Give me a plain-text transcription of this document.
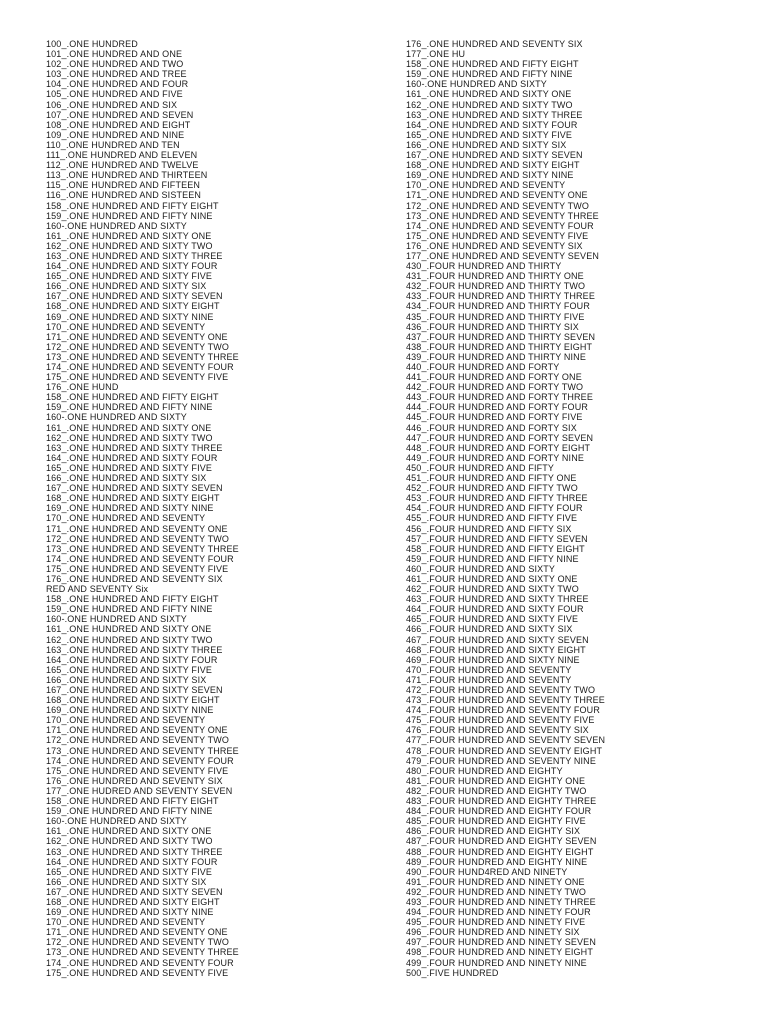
100_.ONE HUNDRED
101_.ONE HUNDRED AND ONE
102_.ONE HUNDRED AND TWO
103_.ONE HUNDRED AND TREE
104_.ONE HUNDRED AND FOUR
105_.ONE HUNDRED AND FIVE
106_.ONE HUNDRED AND SIX
107_.ONE HUNDRED AND SEVEN
108_.ONE HUNDRED AND EIGHT
109_.ONE HUNDRED AND NINE
110_.ONE HUNDRED AND TEN
111_.ONE HUNDRED AND ELEVEN
112_.ONE HUNDRED AND TWELVE
113_.ONE HUNDRED AND THIRTEEN
115_.ONE HUNDRED AND FIFTEEN
116_.ONE HUNDRED AND SISTEEN
158_.ONE HUNDRED AND FIFTY EIGHT
159_.ONE HUNDRED AND FIFTY NINE
160-.ONE HUNDRED AND SIXTY
161_.ONE HUNDRED AND SIXTY ONE
162_.ONE HUNDRED AND SIXTY TWO
163_.ONE HUNDRED AND SIXTY THREE
164_.ONE HUNDRED AND SIXTY FOUR
165_.ONE HUNDRED AND SIXTY FIVE
166_.ONE HUNDRED AND SIXTY SIX
167_.ONE HUNDRED AND SIXTY SEVEN
168_.ONE HUNDRED AND SIXTY EIGHT
169_.ONE HUNDRED AND SIXTY NINE
170_.ONE HUNDRED AND SEVENTY
171_.ONE HUNDRED AND SEVENTY ONE
172_.ONE HUNDRED AND SEVENTY TWO
173_.ONE HUNDRED AND SEVENTY THREE
174_.ONE HUNDRED AND SEVENTY FOUR
175_.ONE HUNDRED AND SEVENTY FIVE
176_.ONE HUND
158_.ONE HUNDRED AND FIFTY EIGHT
159_.ONE HUNDRED AND FIFTY NINE
160-.ONE HUNDRED AND SIXTY
161_.ONE HUNDRED AND SIXTY ONE
162_.ONE HUNDRED AND SIXTY TWO
163_.ONE HUNDRED AND SIXTY THREE
164_.ONE HUNDRED AND SIXTY FOUR
165_.ONE HUNDRED AND SIXTY FIVE
166_.ONE HUNDRED AND SIXTY SIX
167_.ONE HUNDRED AND SIXTY SEVEN
168_.ONE HUNDRED AND SIXTY EIGHT
169_.ONE HUNDRED AND SIXTY NINE
170_.ONE HUNDRED AND SEVENTY
171_.ONE HUNDRED AND SEVENTY ONE
172_.ONE HUNDRED AND SEVENTY TWO
173_.ONE HUNDRED AND SEVENTY THREE
174_.ONE HUNDRED AND SEVENTY FOUR
175_.ONE HUNDRED AND SEVENTY FIVE
176_.ONE HUNDRED AND SEVENTY SIX
RED AND SEVENTY Six
158_.ONE HUNDRED AND FIFTY EIGHT
159_.ONE HUNDRED AND FIFTY NINE
160-.ONE HUNDRED AND SIXTY
161_.ONE HUNDRED AND SIXTY ONE
162_.ONE HUNDRED AND SIXTY TWO
163_.ONE HUNDRED AND SIXTY THREE
164_.ONE HUNDRED AND SIXTY FOUR
165_.ONE HUNDRED AND SIXTY FIVE
166_.ONE HUNDRED AND SIXTY SIX
167_.ONE HUNDRED AND SIXTY SEVEN
168_.ONE HUNDRED AND SIXTY EIGHT
169_.ONE HUNDRED AND SIXTY NINE
170_.ONE HUNDRED AND SEVENTY
171_.ONE HUNDRED AND SEVENTY ONE
172_.ONE HUNDRED AND SEVENTY TWO
173_.ONE HUNDRED AND SEVENTY THREE
174_.ONE HUNDRED AND SEVENTY FOUR
175_.ONE HUNDRED AND SEVENTY FIVE
176_.ONE HUNDRED AND SEVENTY SIX
177_.ONE HUDRED AND SEVENTY SEVEN
158_.ONE HUNDRED AND FIFTY EIGHT
159_.ONE HUNDRED AND FIFTY NINE
160-.ONE HUNDRED AND SIXTY
161_.ONE HUNDRED AND SIXTY ONE
162_.ONE HUNDRED AND SIXTY TWO
163_.ONE HUNDRED AND SIXTY THREE
164_.ONE HUNDRED AND SIXTY FOUR
165_.ONE HUNDRED AND SIXTY FIVE
166_.ONE HUNDRED AND SIXTY SIX
167_.ONE HUNDRED AND SIXTY SEVEN
168_.ONE HUNDRED AND SIXTY EIGHT
169_.ONE HUNDRED AND SIXTY NINE
170_.ONE HUNDRED AND SEVENTY
171_.ONE HUNDRED AND SEVENTY ONE
172_.ONE HUNDRED AND SEVENTY TWO
173_.ONE HUNDRED AND SEVENTY THREE
174_.ONE HUNDRED AND SEVENTY FOUR
175_.ONE HUNDRED AND SEVENTY FIVE
176_.ONE HUNDRED AND SEVENTY SIX
177_.ONE HU
158_.ONE HUNDRED AND FIFTY EIGHT
159_.ONE HUNDRED AND FIFTY NINE
160-.ONE HUNDRED AND SIXTY
161_.ONE HUNDRED AND SIXTY ONE
162_.ONE HUNDRED AND SIXTY TWO
163_.ONE HUNDRED AND SIXTY THREE
164_.ONE HUNDRED AND SIXTY FOUR
165_.ONE HUNDRED AND SIXTY FIVE
166_.ONE HUNDRED AND SIXTY SIX
167_.ONE HUNDRED AND SIXTY SEVEN
168_.ONE HUNDRED AND SIXTY EIGHT
169_.ONE HUNDRED AND SIXTY NINE
170_.ONE HUNDRED AND SEVENTY
171_.ONE HUNDRED AND SEVENTY ONE
172_.ONE HUNDRED AND SEVENTY TWO
173_.ONE HUNDRED AND SEVENTY THREE
174_.ONE HUNDRED AND SEVENTY FOUR
175_.ONE HUNDRED AND SEVENTY FIVE
176_.ONE HUNDRED AND SEVENTY SIX
177_.ONE HUNDRED AND SEVENTY SEVEN
430_.FOUR HUNDRED AND THIRTY
431_.FOUR HUNDRED AND THIRTY ONE
432_.FOUR HUNDRED AND THIRTY TWO
433_.FOUR HUNDRED AND THIRTY THREE
434_.FOUR HUNDRED AND THIRTY FOUR
435_.FOUR HUNDRED AND THIRTY FIVE
436_.FOUR HUNDRED AND THIRTY SIX
437_.FOUR HUNDRED AND THIRTY SEVEN
438_.FOUR HUNDRED AND THIRTY EIGHT
439_.FOUR HUNDRED AND THIRTY NINE
440_.FOUR HUNDRED AND FORTY
441_.FOUR HUNDRED AND FORTY ONE
442_.FOUR HUNDRED AND FORTY TWO
443_.FOUR HUNDRED AND FORTY THREE
444_.FOUR HUNDRED AND FORTY FOUR
445_.FOUR HUNDRED AND FORTY FIVE
446_.FOUR HUNDRED AND FORTY SIX
447_.FOUR HUNDRED AND FORTY SEVEN
448_.FOUR HUNDRED AND FORTY EIGHT
449_.FOUR HUNDRED AND FORTY NINE
450_.FOUR HUNDRED AND FIFTY
451_.FOUR HUNDRED AND FIFTY ONE
452_.FOUR HUNDRED AND FIFTY TWO
453_.FOUR HUNDRED AND FIFTY THREE
454_.FOUR HUNDRED AND FIFTY FOUR
455_.FOUR HUNDRED AND FIFTY FIVE
456_.FOUR HUNDRED AND FIFTY SIX
457_.FOUR HUNDRED AND FIFTY SEVEN
458_.FOUR HUNDRED AND FIFTY EIGHT
459_.FOUR HUNDRED AND FIFTY NINE
460_.FOUR HUNDRED AND SIXTY
461_.FOUR HUNDRED AND SIXTY ONE
462_.FOUR HUNDRED AND SIXTY TWO
463_.FOUR HUNDRED AND SIXTY THREE
464_.FOUR HUNDRED AND SIXTY FOUR
465_.FOUR HUNDRED AND SIXTY FIVE
466_.FOUR HUNDRED AND SIXTY SIX
467_.FOUR HUNDRED AND SIXTY SEVEN
468_.FOUR HUNDRED AND SIXTY EIGHT
469_.FOUR HUNDRED AND SIXTY NINE
470_.FOUR HUNDRED AND SEVENTY
471_.FOUR HUNDRED AND SEVENTY
472_.FOUR HUNDRED AND SEVENTY TWO
473_.FOUR HUNDRED AND SEVENTY THREE
474_.FOUR HUNDRED AND SEVENTY FOUR
475_.FOUR HUNDRED AND SEVENTY FIVE
476_.FOUR HUNDRED AND SEVENTY SIX
477_.FOUR HUNDRED AND SEVENTY SEVEN
478_.FOUR HUNDRED AND SEVENTY EIGHT
479_.FOUR HUNDRED AND SEVENTY NINE
480_.FOUR HUNDRED AND EIGHTY
481_.FOUR HUNDRED AND EIGHTY ONE
482_.FOUR HUNDRED AND EIGHTY TWO
483_.FOUR HUNDRED AND EIGHTY THREE
484_.FOUR HUNDRED AND EIGHTY FOUR
485_.FOUR HUNDRED AND EIGHTY FIVE
486_.FOUR HUNDRED AND EIGHTY SIX
487_.FOUR HUNDRED AND EIGHTY SEVEN
488_.FOUR HUNDRED AND EIGHTY EIGHT
489_.FOUR HUNDRED AND EIGHTY NINE
490_.FOUR HUND4RED AND NINETY
491_.FOUR HUNDRED AND NINETY ONE
492_.FOUR HUNDRED AND NINETY TWO
493_.FOUR HUNDRED AND NINETY THREE
494_.FOUR HUNDRED AND NINETY FOUR
495_.FOUR HUNDRED AND NINETY FIVE
496_.FOUR HUNDRED AND NINETY SIX
497_.FOUR HUNDRED AND NINETY SEVEN
498_.FOUR HUNDRED AND NINETY EIGHT
499_.FOUR HUNDRED AND NINETY NINE
500_.FIVE HUNDRED
